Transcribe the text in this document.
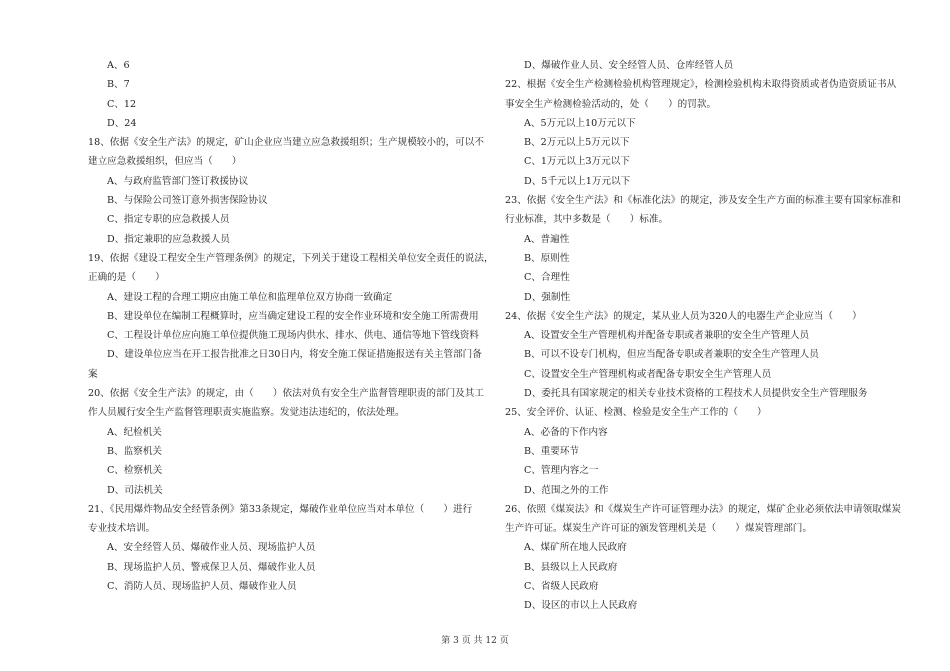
A、6
B、7
C、12
D、24
18、依据《安全生产法》的规定，矿山企业应当建立应急救援组织；生产规模较小的，可以不
建立应急救援组织，但应当（　　）
A、与政府监管部门签订救援协议
B、与保险公司签订意外损害保险协议
C、指定专职的应急救援人员
D、指定兼职的应急救援人员
19、依据《建设工程安全生产管理条例》的规定，下列关于建设工程相关单位安全责任的说法，
正确的是（　　）
A、建设工程的合理工期应由施工单位和监理单位双方协商一致确定
B、建设单位在编制工程概算时，应当确定建设工程的安全作业环境和安全施工所需费用
C、工程设计单位应向施工单位提供施工现场内供水、排水、供电、通信等地下管线资料
D、建设单位应当在开工报告批准之日30日内，将安全施工保证措施报送有关主管部门备
案
20、依据《安全生产法》的规定，由（　　）依法对负有安全生产监督管理职责的部门及其工
作人员履行安全生产监督管理职责实施监察。发觉违法违纪的，依法处理。
A、纪检机关
B、监察机关
C、检察机关
D、司法机关
21、《民用爆炸物品安全经管条例》第33条规定，爆破作业单位应当对本单位（　　）进行
专业技术培训。
A、安全经管人员、爆破作业人员、现场监护人员
B、现场监护人员、警戒保卫人员、爆破作业人员
C、消防人员、现场监护人员、爆破作业人员
D、爆破作业人员、安全经管人员、仓库经管人员
22、根据《安全生产检测检验机构管理规定》，检测检验机构未取得资质或者伪造资质证书从
事安全生产检测检验活动的，处（　　）的罚款。
A、5万元以上10万元以下
B、2万元以上5万元以下
C、1万元以上3万元以下
D、5千元以上1万元以下
23、依据《安全生产法》和《标准化法》的规定，涉及安全生产方面的标准主要有国家标准和
行业标准，其中多数是（　　）标准。
A、普遍性
B、原则性
C、合理性
D、强制性
24、依据《安全生产法》的规定，某从业人员为320人的电器生产企业应当（　　）
A、设置安全生产管理机构并配备专职或者兼职的安全生产管理人员
B、可以不设专门机构，但应当配备专职或者兼职的安全生产管理人员
C、设置安全生产管理机构或者配备专职安全生产管理人员
D、委托具有国家规定的相关专业技术资格的工程技术人员提供安全生产管理服务
25、安全评价、认证、检测、检验是安全生产工作的（　　）
A、必备的下作内容
B、重要环节
C、管理内容之一
D、范围之外的工作
26、依照《煤炭法》和《煤炭生产许可证管理办法》的规定，煤矿企业必须依法申请领取煤炭
生产许可证。煤炭生产许可证的颁发管理机关是（　　）煤炭管理部门。
A、煤矿所在地人民政府
B、县级以上人民政府
C、省级人民政府
D、设区的市以上人民政府
第 3 页 共 12 页
